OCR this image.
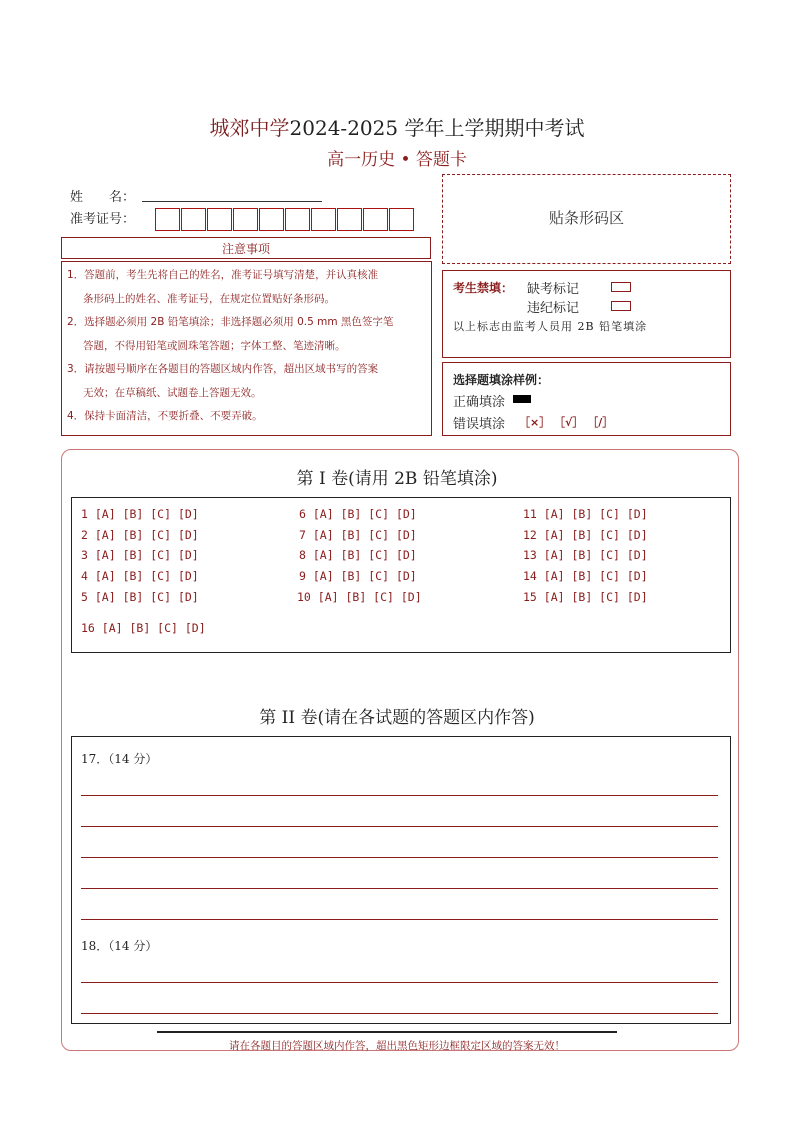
城郊中学2024-2025 学年上学期期中考试
高一历史 • 答题卡
姓　　名：
准考证号：
注意事项

1．答题前，考生先将自己的姓名，准考证号填写清楚，并认真核准

条形码上的姓名、准考证号，在规定位置贴好条形码。

2．选择题必须用 2B 铅笔填涂；非选择题必须用 0.5 mm 黑色签字笔

答题，不得用铅笔或圆珠笔答题；字体工整、笔迹清晰。

3．请按题号顺序在各题目的答题区域内作答，超出区域书写的答案

无效；在草稿纸、试题卷上答题无效。

4．保持卡面清洁，不要折叠、不要弄破。

贴条形码区
考生禁填： 缺考标记
违纪标记
以上标志由监考人员用 2B 铅笔填涂
选择题填涂样例：
正确填涂
错误填涂 ［×］ ［√］ ［/］
第 I 卷(请用 2B 铅笔填涂)
1 [A] [B] [C] [D]
2 [A] [B] [C] [D]
3 [A] [B] [C] [D]
4 [A] [B] [C] [D]
5 [A] [B] [C] [D]
6 [A] [B] [C] [D]
7 [A] [B] [C] [D]
8 [A] [B] [C] [D]
9 [A] [B] [C] [D]
10 [A] [B] [C] [D]
11 [A] [B] [C] [D]
12 [A] [B] [C] [D]
13 [A] [B] [C] [D]
14 [A] [B] [C] [D]
15 [A] [B] [C] [D]
16 [A] [B] [C] [D]
第 II 卷(请在各试题的答题区内作答)
17．（14 分）
18．（14 分）
请在各题目的答题区域内作答，超出黑色矩形边框限定区域的答案无效！
